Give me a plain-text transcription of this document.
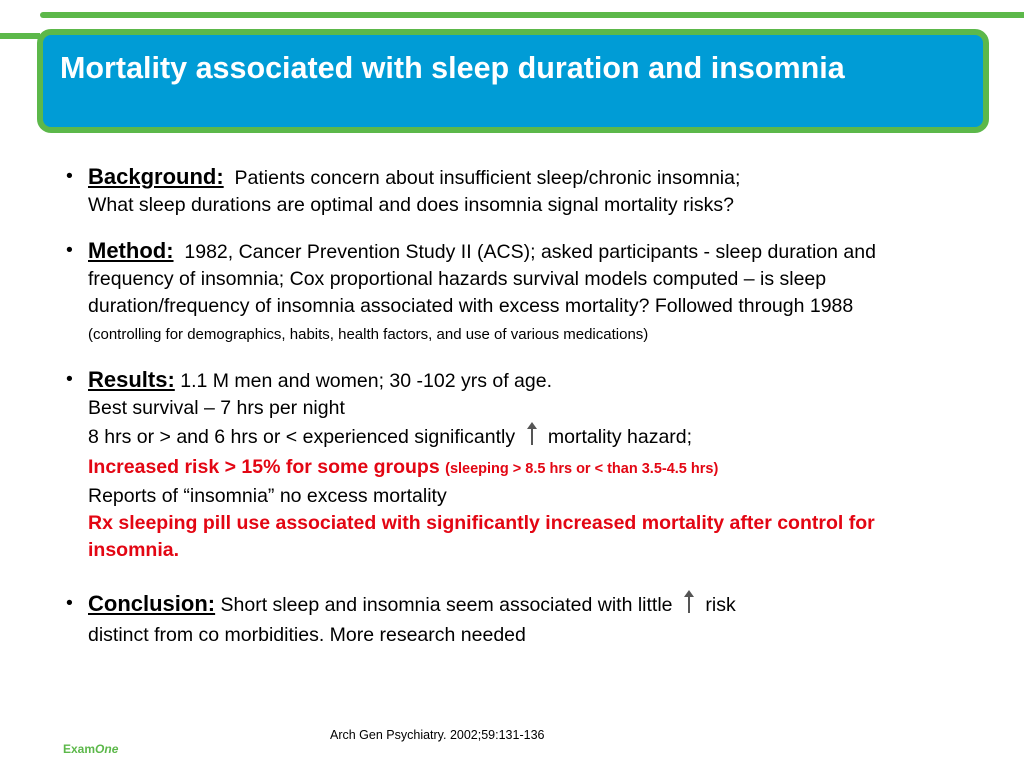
Mortality associated with sleep duration and insomnia
• Background: Patients concern about insufficient sleep/chronic insomnia;
What sleep durations are optimal and does insomnia signal mortality risks?
• Method: 1982, Cancer Prevention Study II (ACS); asked participants - sleep duration and frequency of insomnia; Cox proportional hazards survival models computed – is sleep duration/frequency of insomnia associated with excess mortality? Followed through 1988 (controlling for demographics, habits, health factors, and use of various medications)
• Results: 1.1 M men and women; 30 -102 yrs of age.
Best survival – 7 hrs per night
8 hrs or > and 6 hrs or < experienced significantly mortality hazard;
Increased risk > 15% for some groups (sleeping > 8.5 hrs or < than 3.5-4.5 hrs)
Reports of “insomnia” no excess mortality
Rx sleeping pill use associated with significantly increased mortality after control for insomnia.
• Conclusion: Short sleep and insomnia seem associated with little risk
distinct from co morbidities. More research needed
Arch Gen Psychiatry. 2002;59:131-136
ExamOne
